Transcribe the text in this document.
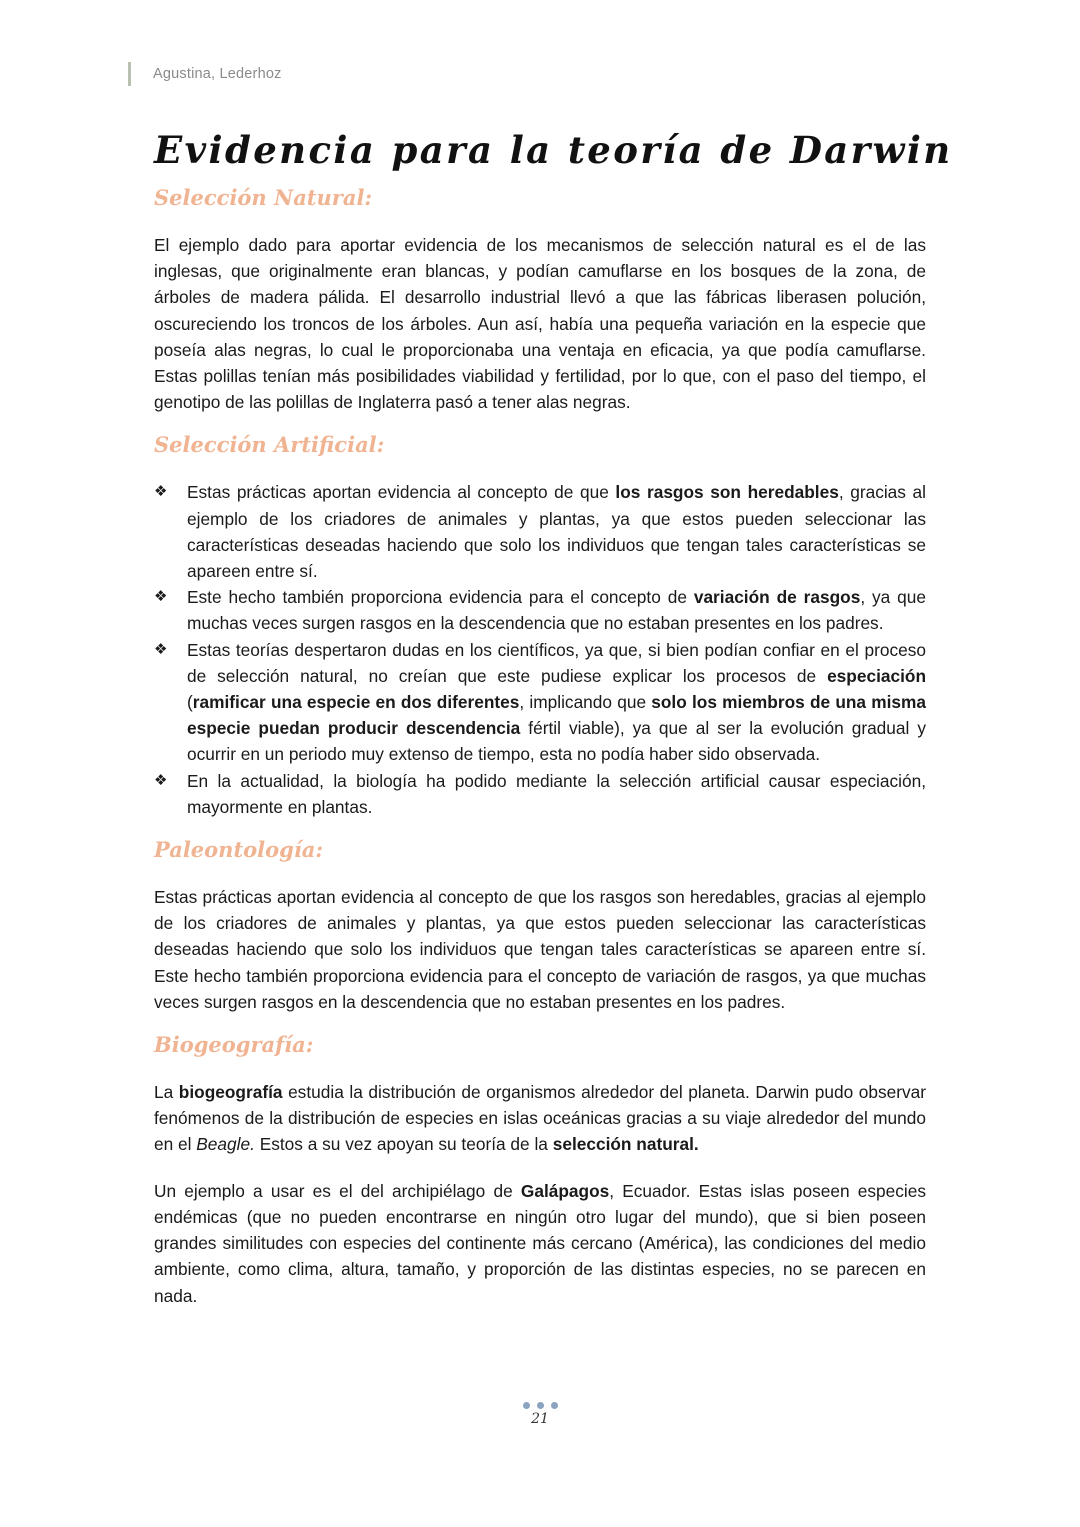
Agustina, Lederhoz
Evidencia para la teoría de Darwin
Selección Natural:

El ejemplo dado para aportar evidencia de los mecanismos de selección natural es el de las inglesas, que originalmente eran blancas, y podían camuflarse en los bosques de la zona, de árboles de madera pálida. El desarrollo industrial llevó a que las fábricas liberasen polución, oscureciendo los troncos de los árboles. Aun así, había una pequeña variación en la especie que poseía alas negras, lo cual le proporcionaba una ventaja en eficacia, ya que podía camuflarse. Estas polillas tenían más posibilidades viabilidad y fertilidad, por lo que, con el paso del tiempo, el genotipo de las polillas de Inglaterra pasó a tener alas negras.

Selección Artificial:
❖ Estas prácticas aportan evidencia al concepto de que los rasgos son heredables, gracias al ejemplo de los criadores de animales y plantas, ya que estos pueden seleccionar las características deseadas haciendo que solo los individuos que tengan tales características se apareen entre sí.
❖ Este hecho también proporciona evidencia para el concepto de variación de rasgos, ya que muchas veces surgen rasgos en la descendencia que no estaban presentes en los padres.
❖ Estas teorías despertaron dudas en los científicos, ya que, si bien podían confiar en el proceso de selección natural, no creían que este pudiese explicar los procesos de especiación (ramificar una especie en dos diferentes, implicando que solo los miembros de una misma especie puedan producir descendencia fértil viable), ya que al ser la evolución gradual y ocurrir en un periodo muy extenso de tiempo, esta no podía haber sido observada.
❖ En la actualidad, la biología ha podido mediante la selección artificial causar especiación, mayormente en plantas.
Paleontología:

Estas prácticas aportan evidencia al concepto de que los rasgos son heredables, gracias al ejemplo de los criadores de animales y plantas, ya que estos pueden seleccionar las características deseadas haciendo que solo los individuos que tengan tales características se apareen entre sí. Este hecho también proporciona evidencia para el concepto de variación de rasgos, ya que muchas veces surgen rasgos en la descendencia que no estaban presentes en los padres.

Biogeografía:

La biogeografía estudia la distribución de organismos alrededor del planeta. Darwin pudo observar fenómenos de la distribución de especies en islas oceánicas gracias a su viaje alrededor del mundo en el Beagle. Estos a su vez apoyan su teoría de la selección natural.

Un ejemplo a usar es el del archipiélago de Galápagos, Ecuador. Estas islas poseen especies endémicas (que no pueden encontrarse en ningún otro lugar del mundo), que si bien poseen grandes similitudes con especies del continente más cercano (América), las condiciones del medio ambiente, como clima, altura, tamaño, y proporción de las distintas especies, no se parecen en nada.

21
